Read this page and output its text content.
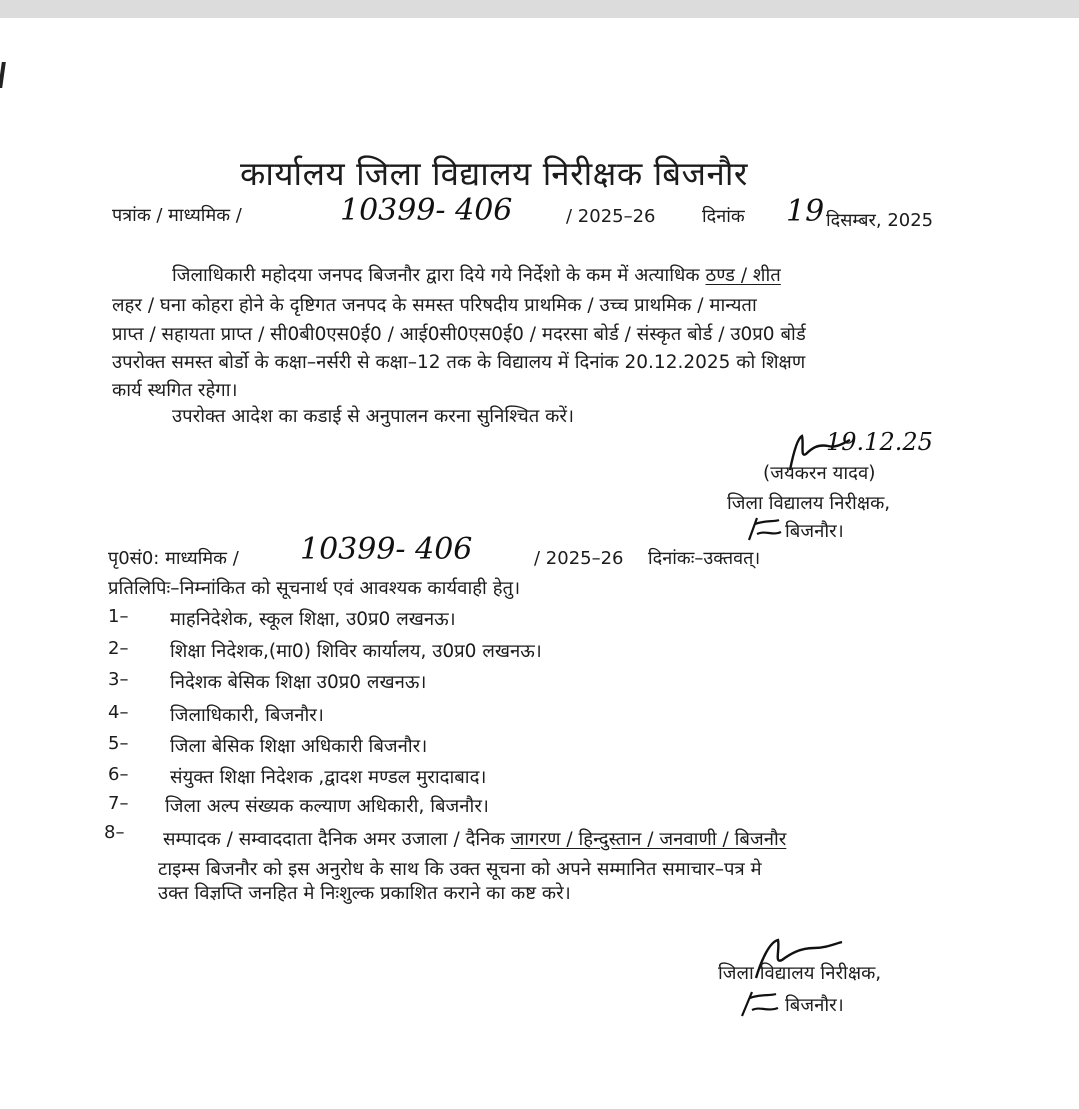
कार्यालय जिला विद्यालय निरीक्षक बिजनौर
पत्रांक / माध्यमिक /	10399- 406	/ 2025–26	दिनांक 19 दिसम्बर, 2025
जिलाधिकारी महोदया जनपद बिजनौर द्वारा दिये गये निर्देशो के कम में अत्याधिक ठण्ड / शीत
लहर / घना कोहरा होने के दृष्टिगत जनपद के समस्त परिषदीय प्राथमिक / उच्च प्राथमिक / मान्यता
प्राप्त / सहायता प्राप्त / सी0बी0एस0ई0 / आई0सी0एस0ई0 / मदरसा बोर्ड / संस्कृत बोर्ड / उ0प्र0 बोर्ड
उपरोक्त समस्त बोर्डो के कक्षा–नर्सरी से कक्षा–12 तक के विद्यालय में दिनांक 20.12.2025 को शिक्षण
कार्य स्थगित रहेगा।
उपरोक्त आदेश का कडाई से अनुपालन करना सुनिश्चित करें।
19.12.25
(जयकरन यादव)
जिला विद्यालय निरीक्षक,
बिजनौर।
पृ0सं0: माध्यमिक / 10399- 406	/ 2025–26 दिनांकः–उक्तवत्।
प्रतिलिपिः–निम्नांकित को सूचनार्थ एवं आवश्यक कार्यवाही हेतु।
1– माहनिदेशेक, स्कूल शिक्षा, उ0प्र0 लखनऊ।
2– शिक्षा निदेशक,(मा0) शिविर कार्यालय, उ0प्र0 लखनऊ।
3– निदेशक बेसिक शिक्षा उ0प्र0 लखनऊ।
4– जिलाधिकारी, बिजनौर।
5– जिला बेसिक शिक्षा अधिकारी बिजनौर।
6– संयुक्त शिक्षा निदेशक ,द्वादश मण्डल मुरादाबाद।
7– जिला अल्प संख्यक कल्याण अधिकारी, बिजनौर।
8– सम्पादक / सम्वाददाता दैनिक अमर उजाला / दैनिक जागरण / हिन्दुस्तान / जनवाणी / बिजनौर
टाइम्स बिजनौर को इस अनुरोध के साथ कि उक्त सूचना को अपने सम्मानित समाचार–पत्र मे
उक्त विज्ञप्ति जनहित मे निःशुल्क प्रकाशित कराने का कष्ट करे।
जिला विद्यालय निरीक्षक,
बिजनौर।
